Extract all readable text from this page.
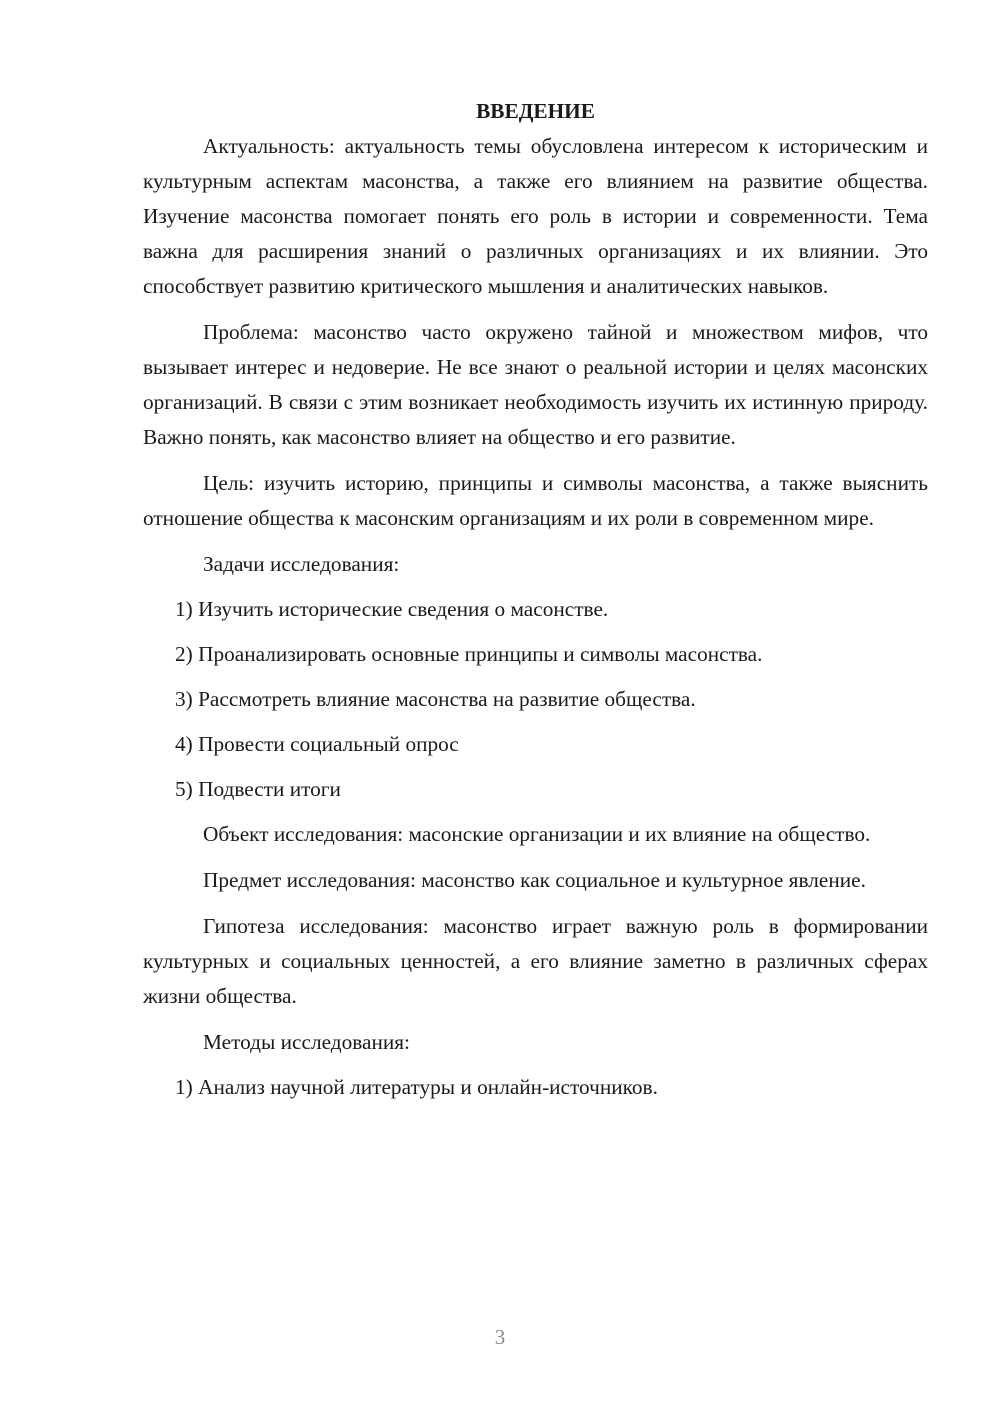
ВВЕДЕНИЕ

Актуальность: актуальность темы обусловлена интересом к историческим и культурным аспектам масонства, а также его влиянием на развитие общества. Изучение масонства помогает понять его роль в истории и современности. Тема важна для расширения знаний о различных организациях и их влиянии. Это способствует развитию критического мышления и аналитических навыков.

Проблема: масонство часто окружено тайной и множеством мифов, что вызывает интерес и недоверие. Не все знают о реальной истории и целях масонских организаций. В связи с этим возникает необходимость изучить их истинную природу. Важно понять, как масонство влияет на общество и его развитие.

Цель: изучить историю, принципы и символы масонства, а также выяснить отношение общества к масонским организациям и их роли в современном мире.

Задачи исследования:

1) Изучить исторические сведения о масонстве.

2) Проанализировать основные принципы и символы масонства.

3) Рассмотреть влияние масонства на развитие общества.

4) Провести социальный опрос

5) Подвести итоги

Объект исследования: масонские организации и их влияние на общество.

Предмет исследования: масонство как социальное и культурное явление.

Гипотеза исследования: масонство играет важную роль в формировании культурных и социальных ценностей, а его влияние заметно в различных сферах жизни общества.

Методы исследования:

1) Анализ научной литературы и онлайн-источников.

3
